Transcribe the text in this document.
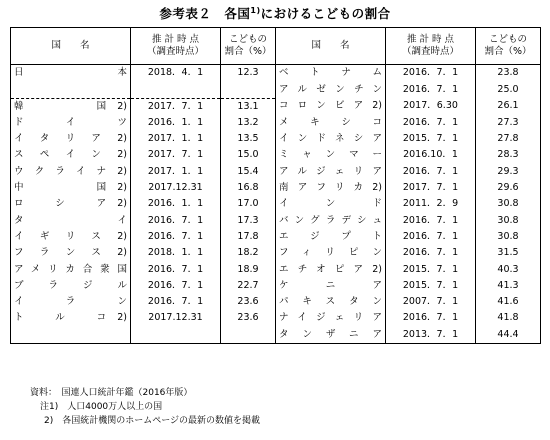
参考表２　各国$^{1)}$におけるこどもの割合
国　　名	推 計 時 点
（調査時点）	こどもの
割合（%）	国　　名	推 計 時 点
（調査時点）	こどもの
割合（%）
日　　　本	2018．4．1	12.3	ベ ト ナ ム	2016．7．1	23.8
			アルゼンチン	2016．7．1	25.0
韓　　　国2)	2017．7．1	13.1	コロンビア2)	2017．6.30	26.1
ド　イ　ツ	2016．1．1	13.2	メ キ シ コ	2016．7．1	27.3
イタリア2)	2017．1．1	13.5	インドネシア	2015．7．1	27.8
スペイン2)	2017．7．1	15.0	ミャンマー	2016.10．1	28.3
ウクライナ2)	2017．1．1	15.4	アルジェリア	2016．7．1	29.3
中　　　国2)	2017.12.31	16.8	南アフリカ2)	2017．7．1	29.6
ロ　シ　ア2)	2016．1．1	17.0	イ　ン　ド	2011．2．9	30.8
タ　　　イ	2016．7．1	17.3	バングラデシュ	2016．7．1	30.8
イギリス2)	2016．7．1	17.8	エ ジ プ ト	2016．7．1	30.8
フランス2)	2018．1．1	18.2	フィリピン	2016．7．1	31.5
アメリカ合衆国	2016．7．1	18.9	エチオピア2)	2015．7．1	40.3
ブ ラ ジ ル	2016．7．1	22.7	ケ　ニ　ア	2015．7．1	41.3
イ　ラ　ン	2016．7．1	23.6	パキスタン	2007．7．1	41.6
ト　ル　コ2)	2017.12.31	23.6	ナイジェリア	2016．7．1	41.8
			タンザニア	2013．7．1	44.4
資料：　国連人口統計年鑑（2016年版）
注1)　人口4000万人以上の国
2)　各国統計機関のホームページの最新の数値を掲載
